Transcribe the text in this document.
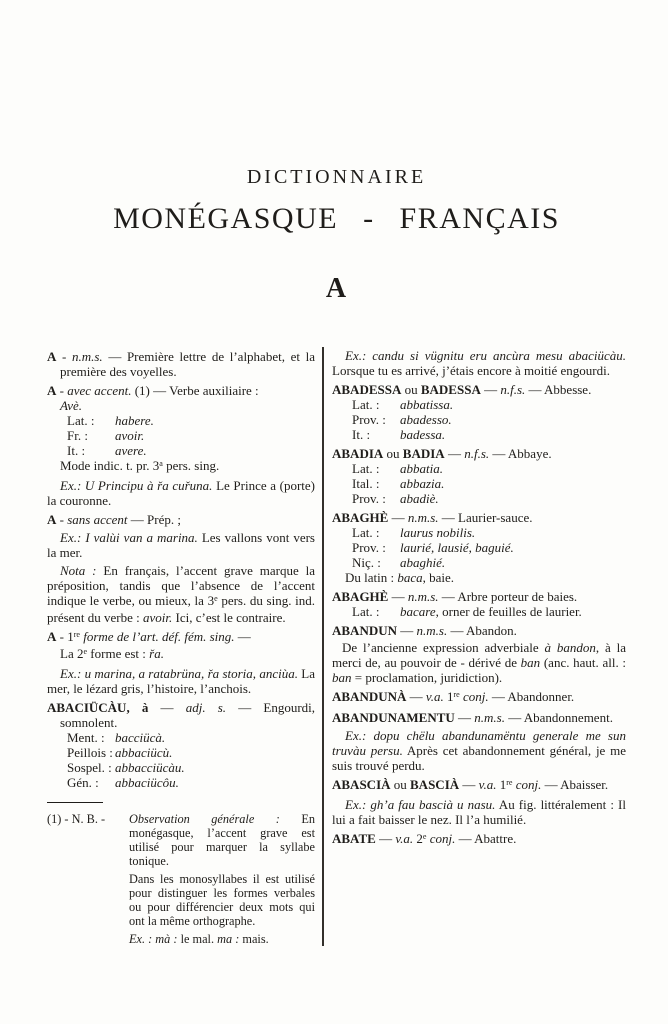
DICTIONNAIRE
MONÉGASQUE - FRANÇAIS
A

A - n.m.s. — Première lettre de l’alphabet, et la première des voyelles.

A - avec accent. (1) — Verbe auxiliaire :

Avè.

Lat. : habere.

Fr. : avoir.

It. : avere.

Mode indic. t. pr. 3$^a$ pers. sing.

Ex.: U Principu à řa cuřuna. Le Prince a (porte) la couronne.

A - sans accent — Prép. ;

Ex.: I valùi van a marina. Les vallons vont vers la mer.

Nota : En français, l’accent grave marque la préposition, tandis que l’absence de l’accent indique le verbe, ou mieux, la 3e pers. du sing. ind. présent du verbe : avoir. Ici, c’est le contraire.

A - 1re forme de l’art. déf. fém. sing. —

La 2e forme est : řa.

Ex.: u marina, a ratabrüna, řa storia, anciùa. La mer, le lézard gris, l’histoire, l’anchois.

ABACIÜCÀU, à — adj. s. — Engourdi, somnolent.

Ment. : bacciücà.

Peillois : abbaciücù.

Sospel. : abbacciücàu.

Gén. : abbaciücôu.

(1) - N. B. -	Observation générale : En monégasque, l’accent grave est utilisé pour marquer la syllabe tonique.

Dans les monosyllabes il est utilisé pour distinguer les formes verbales ou pour différencier deux mots qui ont la même orthographe.

Ex. : mà : le mal. ma : mais.

Ex.: candu si vügnitu eru ancùra mesu abaciücàu. Lorsque tu es arrivé, j’étais encore à moitié engourdi.

ABADESSA ou BADESSA — n.f.s. — Abbesse.

Lat. : abbatissa.

Prov. : abadesso.

It. : badessa.

ABADIA ou BADIA — n.f.s. — Abbaye.

Lat. : abbatia.

Ital. : abbazia.

Prov. : abadiè.

ABAGHÈ — n.m.s. — Laurier-sauce.

Lat. : laurus nobilis.

Prov. : laurié, lausié, baguié.

Niç. : abaghié.

Du latin : baca, baie.

ABAGHÈ — n.m.s. — Arbre porteur de baies.

Lat. : bacare, orner de feuilles de laurier.

ABANDUN — n.m.s. — Abandon.

De l’ancienne expression adverbiale à bandon, à la merci de, au pouvoir de - dérivé de ban (anc. haut. all. : ban = proclamation, juridiction).

ABANDUNÀ — v.a. 1re conj. — Abandonner.

ABANDUNAMENTU — n.m.s. — Abandonnement.

Ex.: dopu chëlu abandunamëntu generale me sun truvàu persu. Après cet abandonnement général, je me suis trouvé perdu.

ABASCIÀ ou BASCIÀ — v.a. 1re conj. — Abaisser.

Ex.: gh’a fau bascià u nasu. Au fig. littéralement : Il lui a fait baisser le nez. Il l’a humilié.

ABATE — v.a. 2e conj. — Abattre.
